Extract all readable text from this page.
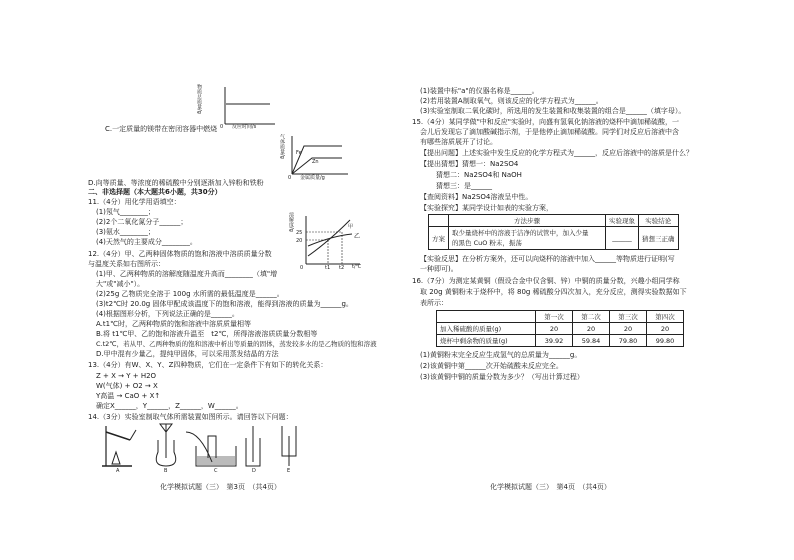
物质总质量/g
0 反应时间/s
C.一定质量的镁带在密闭容器中燃烧
气体质量/g	Fe
Zn
0 金属质量/g
D.向等质量、等浓度的稀硫酸中分别逐渐加入锌粉和铁粉
二、非选择题（本大题共6小题，共30分）
11.（4分）用化学用语填空：
(1)氖气________；
(2)2个二氧化氮分子______；
(3)氨水________；
(4)天然气的主要成分________。
溶解度/g
25
20
甲
乙
0	t1 t2 t/℃
12.（4分）甲、乙两种固体物质的饱和溶液中溶质质量分数
与温度关系如右图所示：
(1)甲、乙两种物质的溶解度随温度升高而________（填"增
大"或"减小"）。
(2)25g 乙物质完全溶于 100g 水所需的最低温度是______。
(3)t2℃时 20.0g 固体甲配成该温度下的饱和溶液，能得到溶液的质量为______g。
(4)根据图形分析，下列说法正确的是______。
A.t1℃时，乙两种物质的饱和溶液中溶质质量相等
B.将 t1℃甲、乙的饱和溶液升温至　t2℃，所得溶液溶质质量分数相等
C.t2℃，若从甲、乙两种物质的饱和溶液中析出等质量的固体，蒸发较多水的是乙物质的饱和溶液
D.甲中混有少量乙，提纯甲固体，可以采用蒸发结晶的方法
13.（4分）有W、X、Y、Z四种物质，它们在一定条件下有如下的转化关系：
Z + X → Y + H2O
W(气体) + O2 → X
Y高温 → CaO + X↑
确定X______，Y______，Z______，W______。
14.（3分）实验室制取气体所需装置如图所示。请回答以下问题：
A	B	C	D	E
化学模拟试题（三）　第3页　（共4页）
(1)装置中标"a"的仪器名称是______。
(2)若用装置A制取氧气，则该反应的化学方程式为______。
(3)实验室制取二氧化碳时，所选用的发生装置和收集装置的组合是______（填字母）。
15.（4分）某同学做"中和反应"实验时，向盛有氢氧化钠溶液的烧杯中滴加稀硫酸，一
会儿后发现忘了滴加酸碱指示剂，于是他停止滴加稀硫酸。同学们对反应后溶液中含
有哪些溶质展开了讨论。
【提出问题】上述实验中发生反应的化学方程式为______，反应后溶液中的溶质是什么？
【提出猜想】猜想一：Na2SO4
猜想二：Na2SO4和 NaOH
猜想三：是______
【查阅资料】Na2SO4溶液呈中性。
【实验探究】某同学设计如表的实验方案，
	方法步骤	实验现象	实验结论
方案	取少量烧杯中的溶液于洁净的试管中，加入少量
的黑色 CuO 粉末，振荡	______	猜想三正确
【实验反思】在分析方案外，还可以向烧杯的溶液中加入______等物质进行证明(写
一种即可)。
16.（7分）为测定某黄铜（假设合金中仅含铜、锌）中铜的质量分数，兴趣小组同学称
取 20g 黄铜粉末于烧杯中，将 80g 稀硫酸分四次加入，充分反应，测得实验数据如下
表所示：
	第一次	第二次	第三次	第四次
加入稀硫酸的质量(g)	20	20	20	20
烧杯中剩余物的质量(g)	39.92	59.84	79.80	99.80
(1)黄铜粉末完全反应生成氢气的总质量为______g。
(2)该黄铜中第______次开始硫酸未反应完全。
(3)该黄铜中铜的质量分数为多少？（写出计算过程）
化学模拟试题（三）　第4页　（共4页）
